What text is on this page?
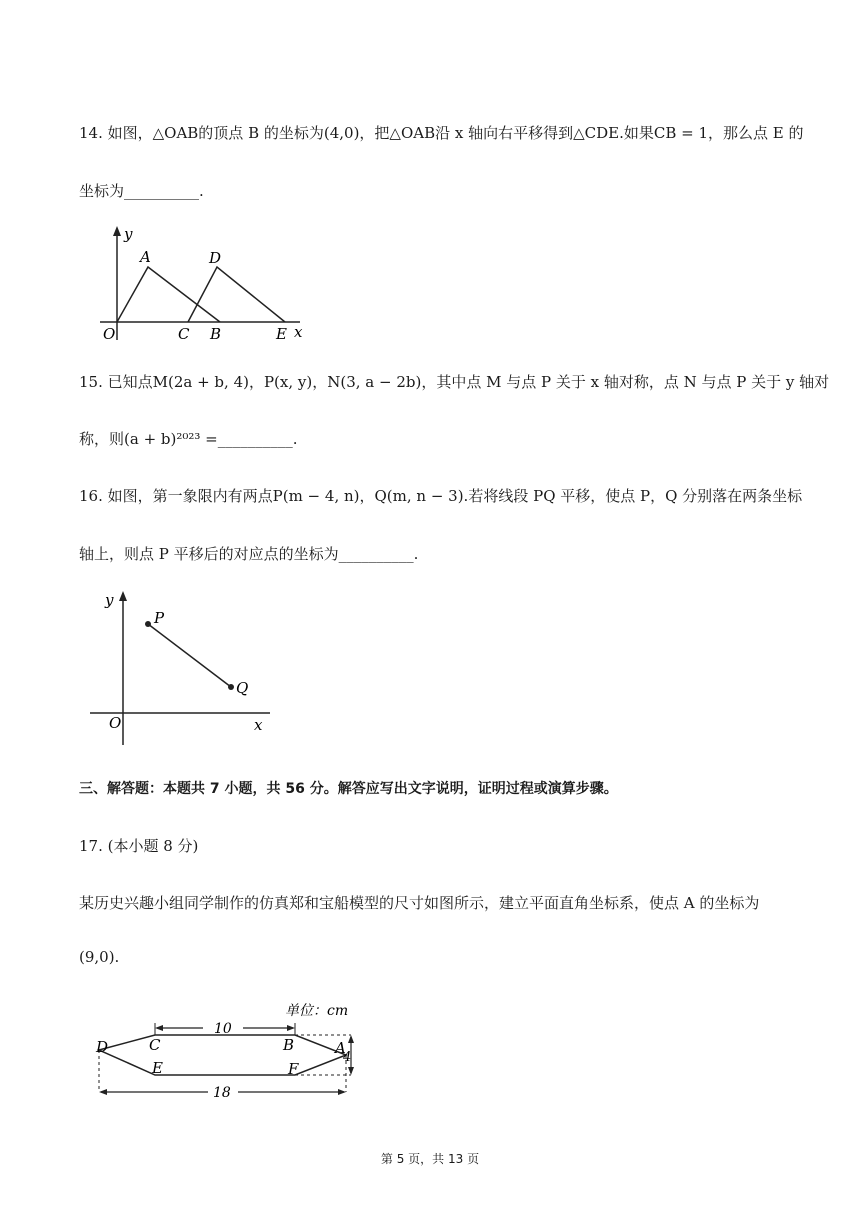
14. 如图，△OAB的顶点 B 的坐标为(4,0)，把△OAB沿 x 轴向右平移得到△CDE.如果CB = 1，那么点 E 的
坐标为__________.
y
x
O
A	D
C B	E
15. 已知点M(2a + b, 4)，P(x, y)，N(3, a − 2b)，其中点 M 与点 P 关于 x 轴对称，点 N 与点 P 关于 y 轴对
称，则(a + b)²⁰²³ =__________.
16. 如图，第一象限内有两点P(m − 4, n)，Q(m, n − 3).若将线段 PQ 平移，使点 P，Q 分别落在两条坐标
轴上，则点 P 平移后的对应点的坐标为__________.
y
x
O
P
Q
三、解答题：本题共 7 小题，共 56 分。解答应写出文字说明，证明过程或演算步骤。
17. (本小题 8 分)
某历史兴趣小组同学制作的仿真郑和宝船模型的尺寸如图所示，建立平面直角坐标系，使点 A 的坐标为
(9,0).
单位：cm
10
4
18
D	C	B	A
E	F
第 5 页，共 13 页
